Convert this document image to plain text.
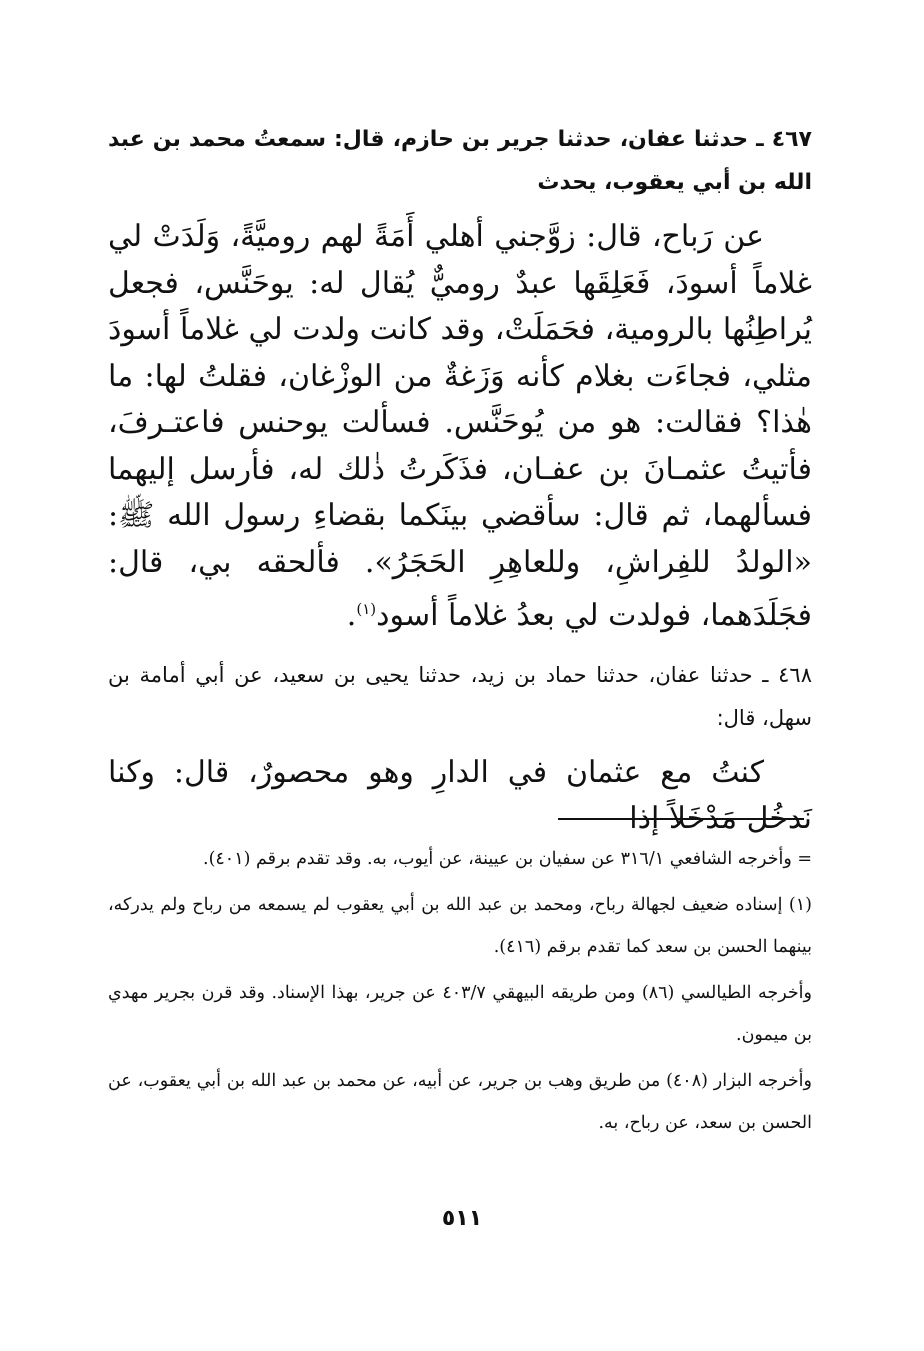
٤٦٧ ـ حدثنا عفان، حدثنا جرير بن حازم، قال: سمعتُ محمد بن عبد الله بن أبي يعقوب، يحدث

عن رَباح، قال: زوَّجني أهلي أَمَةً لهم روميَّةً، وَلَدَتْ لي غلاماً أسودَ، فَعَلِقَها عبدٌ روميٌّ يُقال له: يوحَنَّس، فجعل يُراطِنُها بالرومية، فحَمَلَتْ، وقد كانت ولدت لي غلاماً أسودَ مثلي، فجاءَت بغلام كأنه وَزَغةٌ من الوزْغان، فقلتُ لها: ما هٰذا؟ فقالت: هو من يُوحَنَّس. فسألت يوحنس فاعتـرفَ، فأتيتُ عثمـانَ بن عفـان، فذَكَرتُ ذٰلك له، فأرسل إليهما فسألهما، ثم قال: سأقضي بينَكما بقضاءِ رسول الله ﷺ: «الولدُ للفِراشِ، وللعاهِرِ الحَجَرُ». فألحقه بي، قال: فجَلَدَهما، فولدت لي بعدُ غلاماً أسود$^{(١)}$.

٤٦٨ ـ حدثنا عفان، حدثنا حماد بن زيد، حدثنا يحيى بن سعيد، عن أبي أمامة بن سهل، قال:

كنتُ مع عثمان في الدارِ وهو محصورٌ، قال: وكنا نَدخُل مَدْخَلاً إذا

= وأخرجه الشافعي ٣١٦/١ عن سفيان بن عيينة، عن أيوب، به. وقد تقدم برقم (٤٠١).

(١) إسناده ضعيف لجهالة رباح، ومحمد بن عبد الله بن أبي يعقوب لم يسمعه من رباح ولم يدركه، بينهما الحسن بن سعد كما تقدم برقم (٤١٦).

وأخرجه الطيالسي (٨٦) ومن طريقه البيهقي ٤٠٣/٧ عن جرير، بهذا الإسناد. وقد قرن بجرير مهدي بن ميمون.

وأخرجه البزار (٤٠٨) من طريق وهب بن جرير، عن أبيه، عن محمد بن عبد الله بن أبي يعقوب، عن الحسن بن سعد، عن رباح، به.

٥١١
